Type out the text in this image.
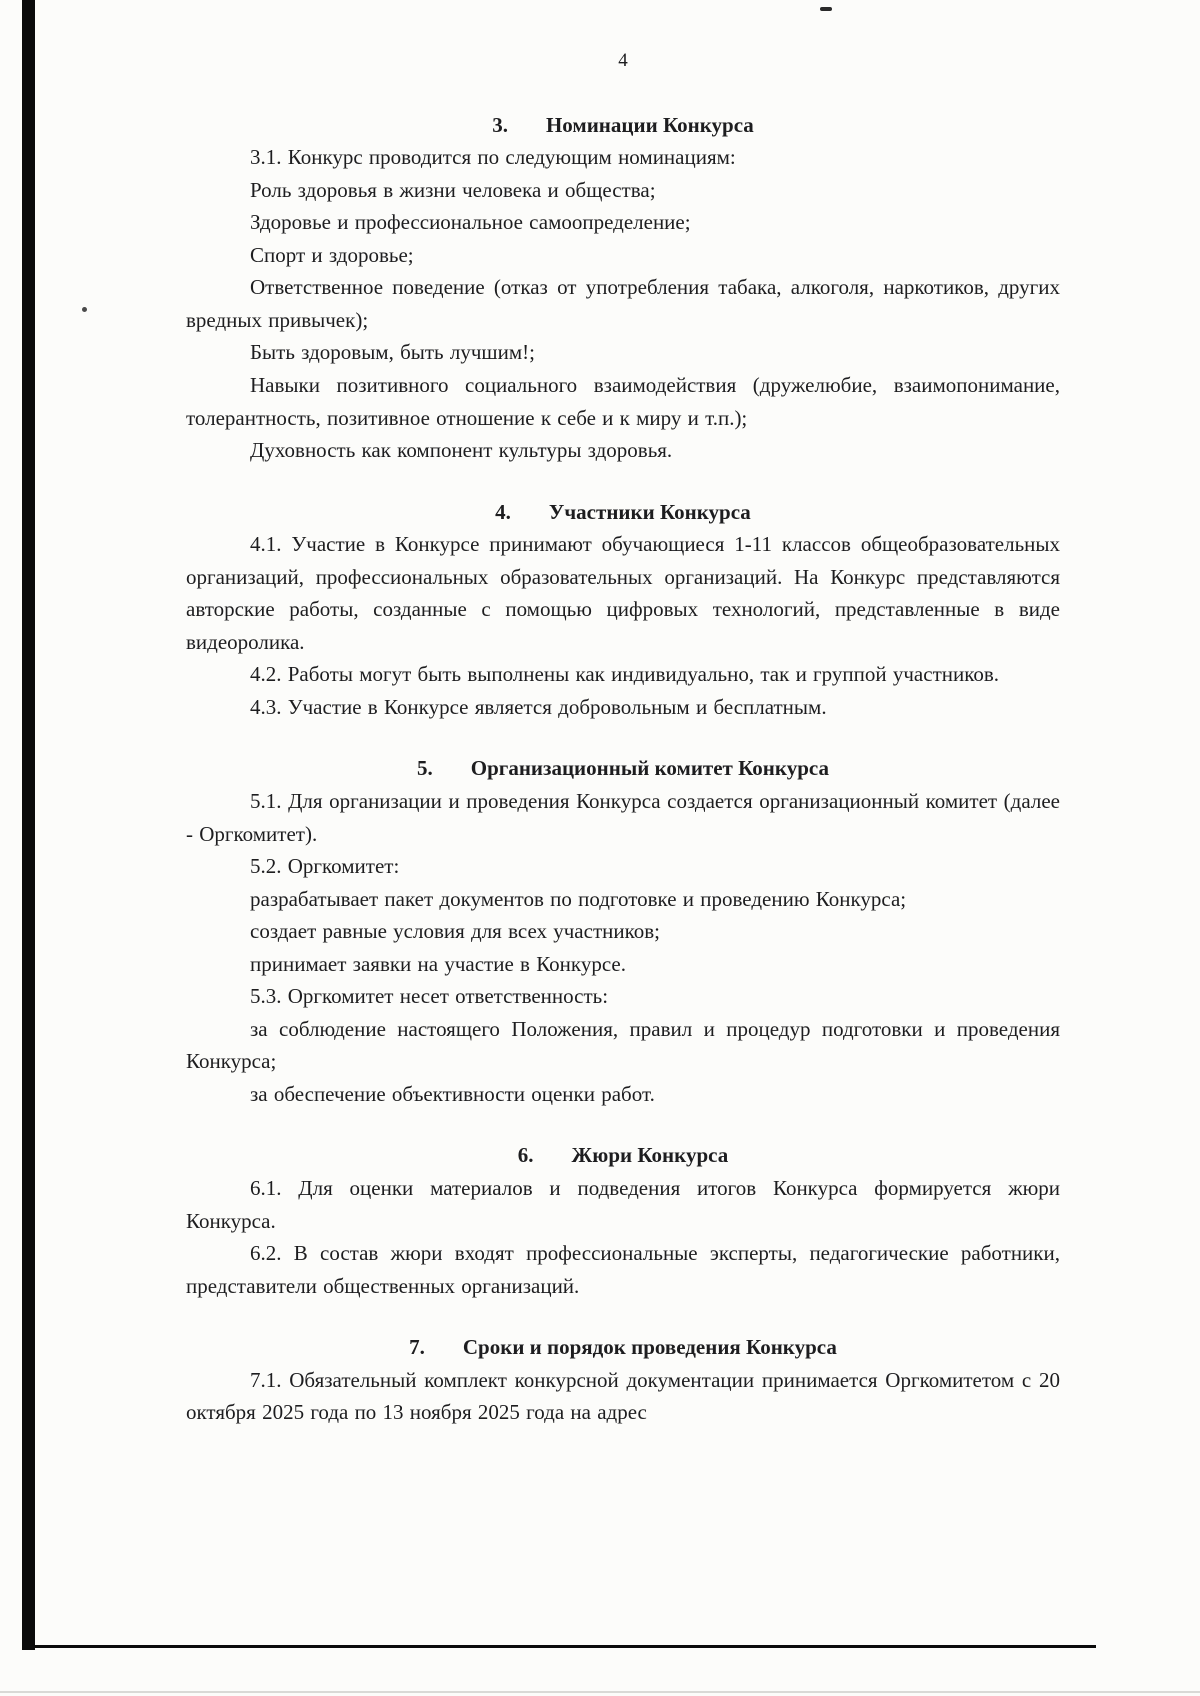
4

3. Номинации Конкурса

3.1. Конкурс проводится по следующим номинациям:

Роль здоровья в жизни человека и общества;

Здоровье и профессиональное самоопределение;

Спорт и здоровье;

Ответственное поведение (отказ от употребления табака, алкоголя, наркотиков, других вредных привычек);

Быть здоровым, быть лучшим!;

Навыки позитивного социального взаимодействия (дружелюбие, взаимопонимание, толерантность, позитивное отношение к себе и к миру и т.п.);

Духовность как компонент культуры здоровья.

4. Участники Конкурса

4.1. Участие в Конкурсе принимают обучающиеся 1-11 классов общеобразовательных организаций, профессиональных образовательных организаций. На Конкурс представляются авторские работы, созданные с помощью цифровых технологий, представленные в виде видеоролика.

4.2. Работы могут быть выполнены как индивидуально, так и группой участников.

4.3. Участие в Конкурсе является добровольным и бесплатным.

5. Организационный комитет Конкурса

5.1. Для организации и проведения Конкурса создается организационный комитет (далее - Оргкомитет).

5.2. Оргкомитет:

разрабатывает пакет документов по подготовке и проведению Конкурса;

создает равные условия для всех участников;

принимает заявки на участие в Конкурсе.

5.3. Оргкомитет несет ответственность:

за соблюдение настоящего Положения, правил и процедур подготовки и проведения Конкурса;

за обеспечение объективности оценки работ.

6. Жюри Конкурса

6.1. Для оценки материалов и подведения итогов Конкурса формируется жюри Конкурса.

6.2. В состав жюри входят профессиональные эксперты, педагогические работники, представители общественных организаций.

7. Сроки и порядок проведения Конкурса

7.1. Обязательный комплект конкурсной документации принимается Оргкомитетом с 20 октября 2025 года по 13 ноября 2025 года на адрес
